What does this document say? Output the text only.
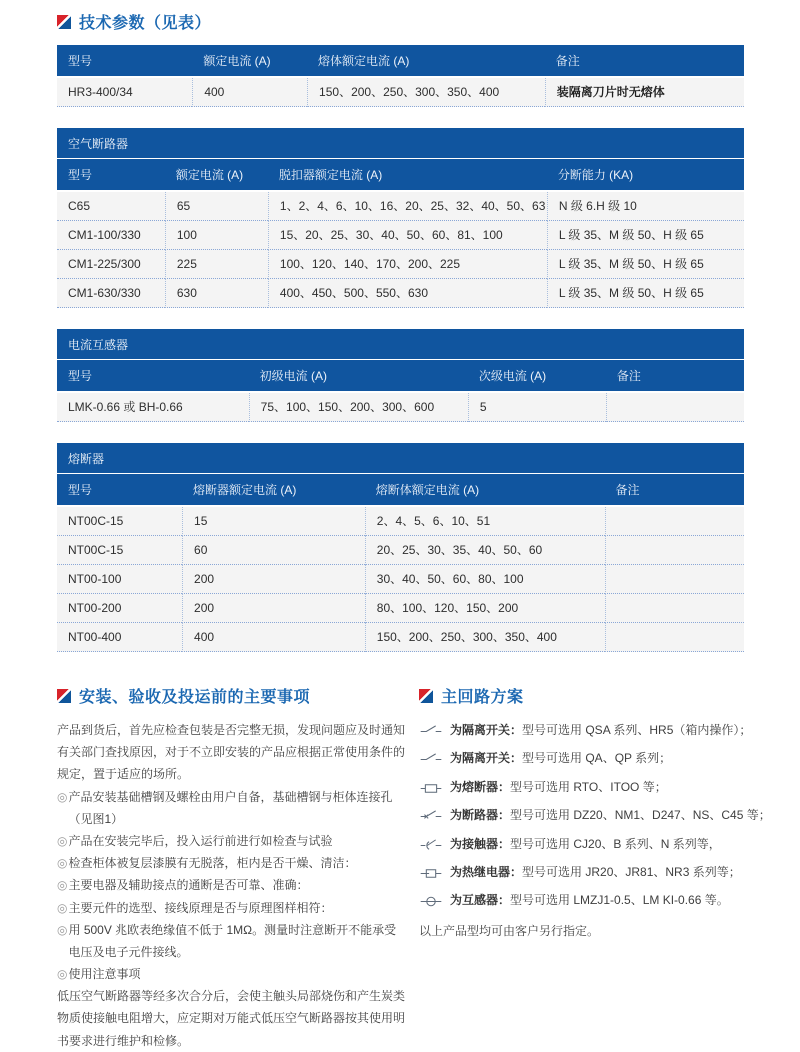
技术参数（见表）
型号	额定电流 (A)	熔体额定电流 (A)	备注
HR3-400/34	400	150、200、250、300、350、400	装隔离刀片时无熔体
空气断路器
型号	额定电流 (A)	脱扣器额定电流 (A)	分断能力 (KA)
C65	65	1、2、4、6、10、16、20、25、32、40、50、63	N 级 6.H 级 10
CM1-100/330	100	15、20、25、30、40、50、60、81、100	L 级 35、M 级 50、H 级 65
CM1-225/300	225	100、120、140、170、200、225	L 级 35、M 级 50、H 级 65
CM1-630/330	630	400、450、500、550、630	L 级 35、M 级 50、H 级 65
电流互感器
型号	初级电流 (A)	次级电流 (A)	备注
LMK-0.66 或 BH-0.66	75、100、150、200、300、600	5	
熔断器
型号	熔断器额定电流 (A)	熔断体额定电流 (A)	备注
NT00C-15	15	2、4、5、6、10、51	
NT00C-15	60	20、25、30、35、40、50、60	
NT00-100	200	30、40、50、60、80、100	
NT00-200	200	80、100、120、150、200	
NT00-400	400	150、200、250、300、350、400	
安装、验收及投运前的主要事项
产品到货后，首先应检查包装是否完整无损，发现问题应及时通知有关部门查找原因，对于不立即安装的产品应根据正常使用条件的规定，置于适应的场所。
◎ 产品安装基础槽钢及螺栓由用户自备，基础槽钢与柜体连接孔（见图1）
◎ 产品在安装完毕后，投入运行前进行如检查与试验
◎ 检查柜体被复层漆膜有无脱落，柜内是否干燥、清洁：
◎ 主要电器及辅助接点的通断是否可靠、准确：
◎ 主要元件的选型、接线原理是否与原理图样相符：
◎ 用 500V 兆欧表绝缘值不低于 1MΩ。测量时注意断开不能承受电压及电子元件接线。
◎ 使用注意事项
低压空气断路器等经多次合分后，会使主触头局部烧伤和产生炭类物质使接触电阻增大，应定期对万能式低压空气断路器按其使用明书要求进行维护和检修。
主回路方案
为隔离开关：型号可选用 QSA 系列、HR5（箱内操作）；
为隔离开关：型号可选用 QA、QP 系列；
为熔断器：型号可选用 RTO、ITOO 等；
为断路器：型号可选用 DZ20、NM1、D247、NS、C45 等；
为接触器：型号可选用 CJ20、B 系列、N 系列等，
为热继电器：型号可选用 JR20、JR81、NR3 系列等；
为互感器：型号可选用 LMZJ1-0.5、LM KI-0.66 等。
以上产品型均可由客户另行指定。
